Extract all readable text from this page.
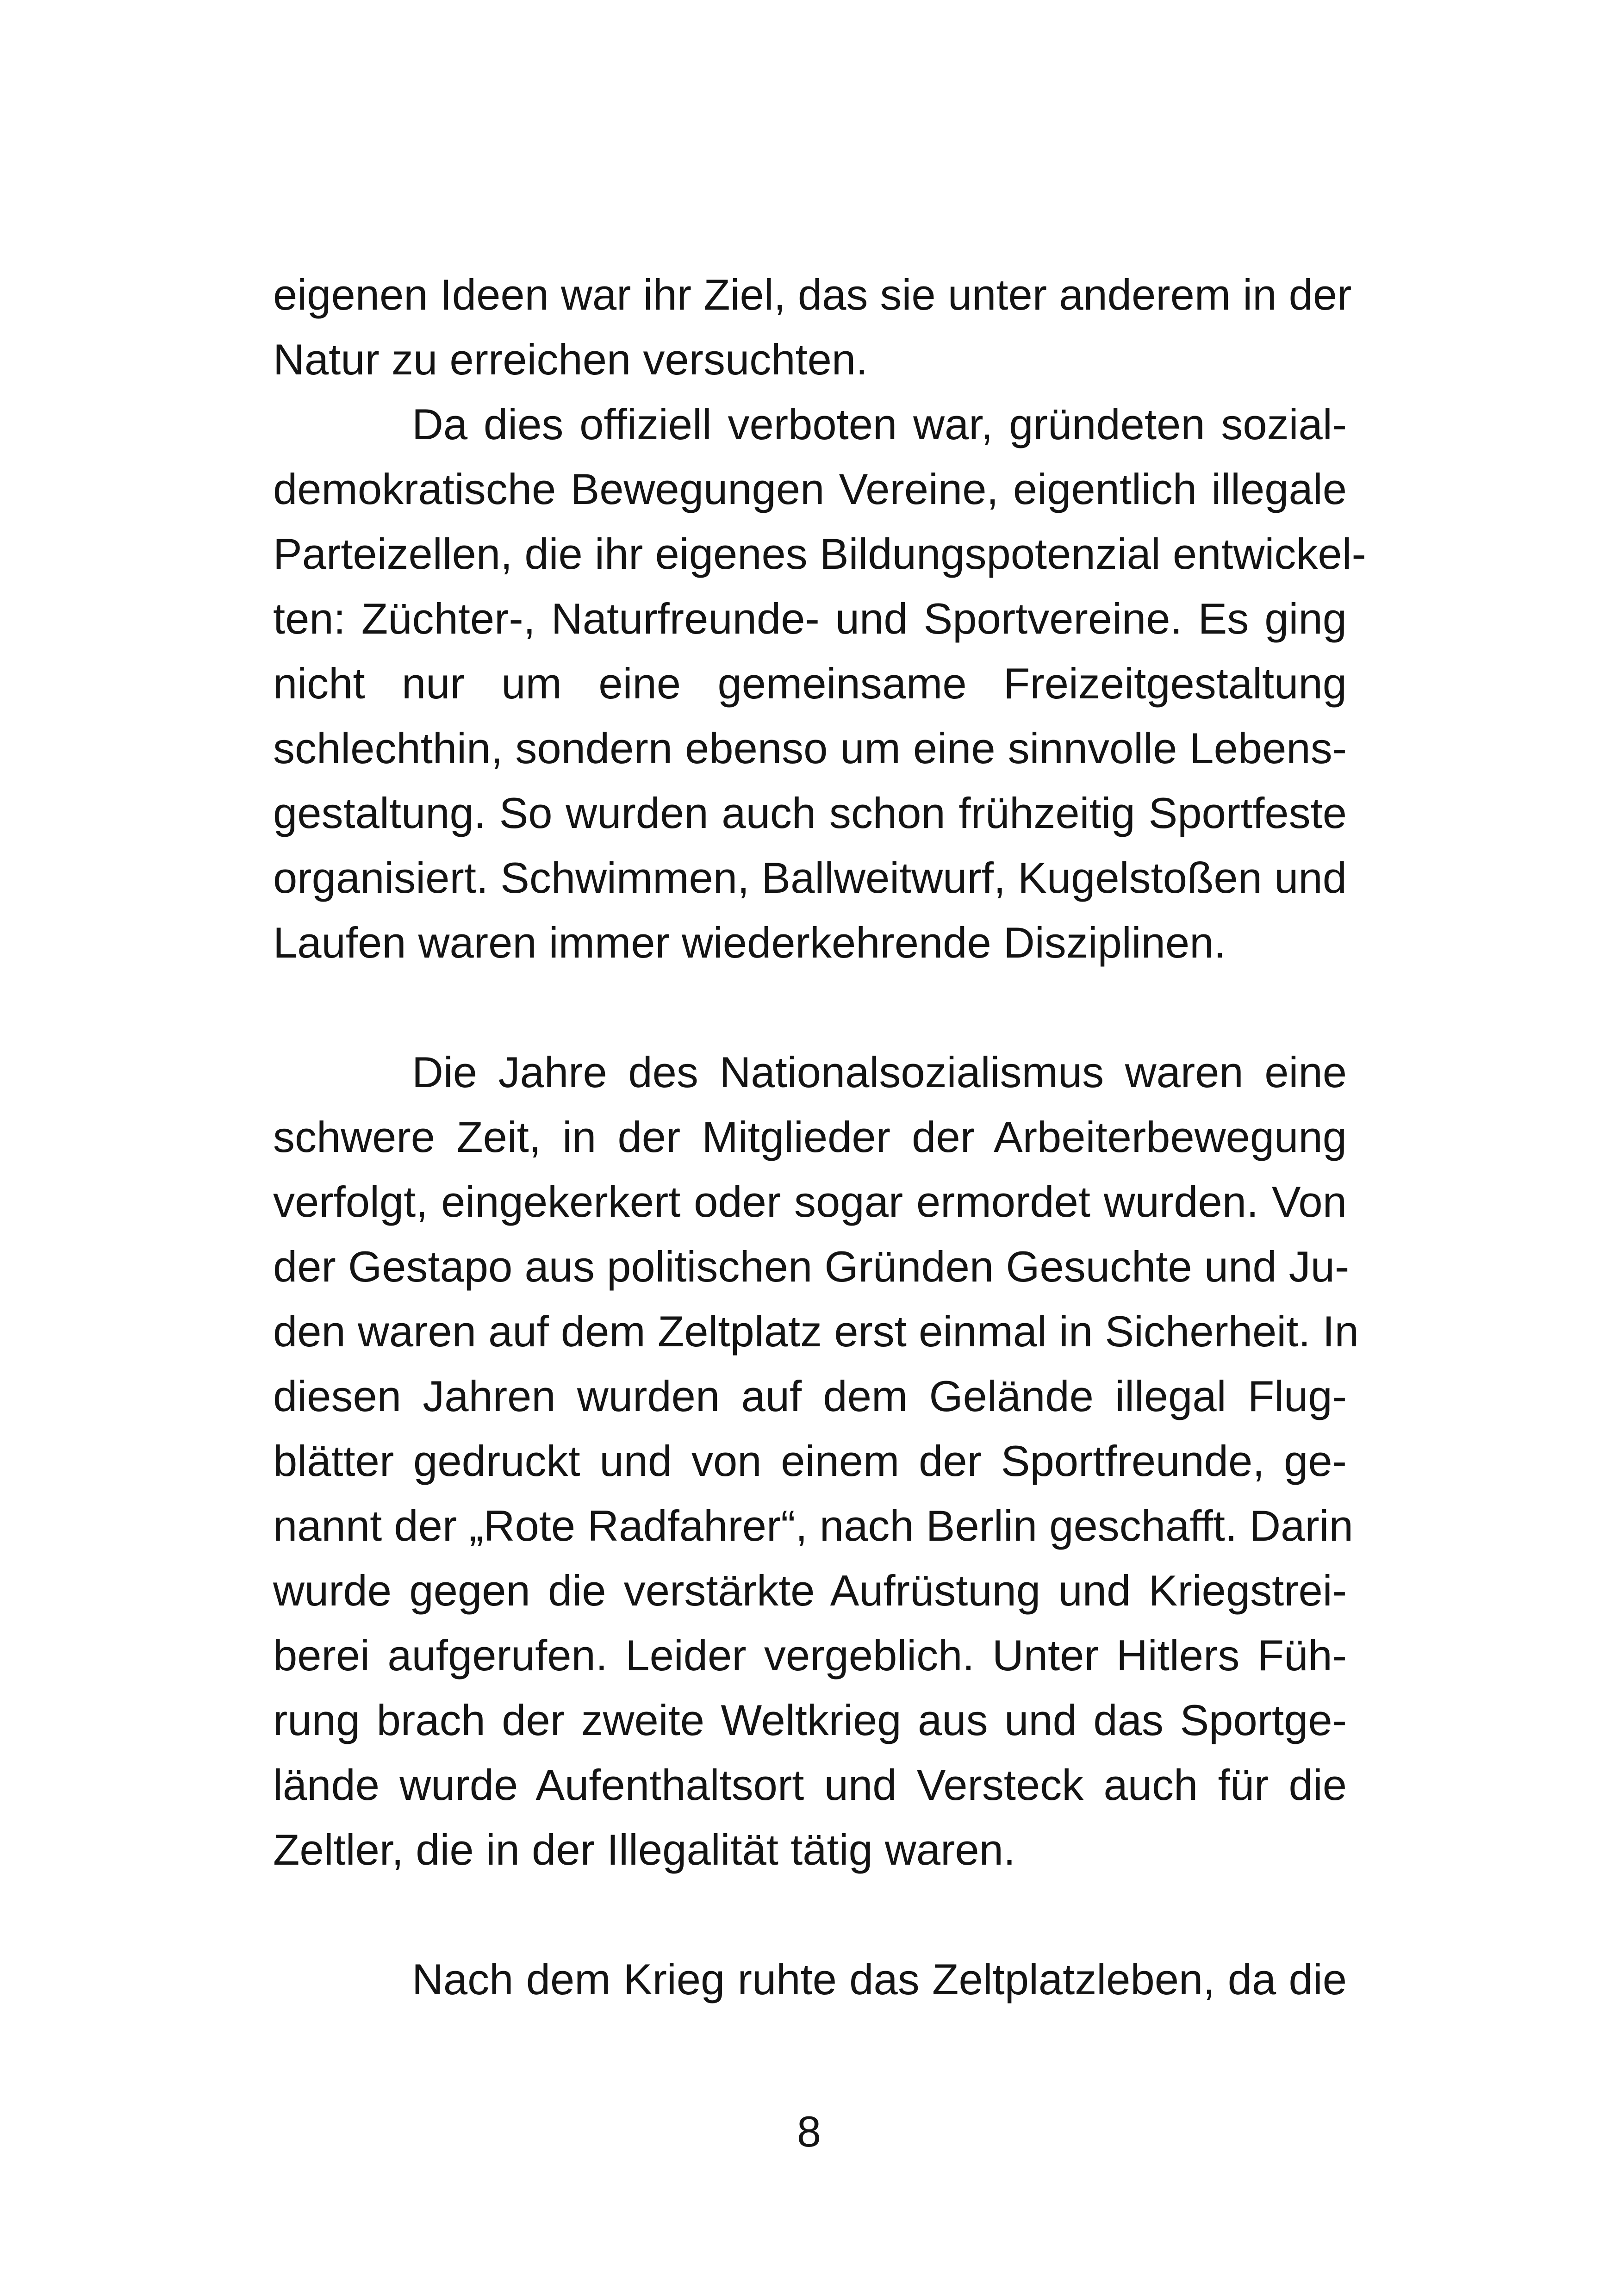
eigenen Ideen war ihr Ziel, das sie unter anderem in der
Natur zu erreichen versuchten.
Da dies offiziell verboten war, gründeten sozial-
demokratische Bewegungen Vereine, eigentlich illegale
Parteizellen, die ihr eigenes Bildungspotenzial entwickel-
ten: Züchter-, Naturfreunde- und Sportvereine. Es ging
nicht nur um eine gemeinsame Freizeitgestaltung
schlechthin, sondern ebenso um eine sinnvolle Lebens-
gestaltung. So wurden auch schon frühzeitig Sportfeste
organisiert. Schwimmen, Ballweitwurf, Kugelstoßen und
Laufen waren immer wiederkehrende Disziplinen.
Die Jahre des Nationalsozialismus waren eine
schwere Zeit, in der Mitglieder der Arbeiterbewegung
verfolgt, eingekerkert oder sogar ermordet wurden. Von
der Gestapo aus politischen Gründen Gesuchte und Ju-
den waren auf dem Zeltplatz erst einmal in Sicherheit. In
diesen Jahren wurden auf dem Gelände illegal Flug-
blätter gedruckt und von einem der Sportfreunde, ge-
nannt der „Rote Radfahrer“, nach Berlin geschafft. Darin
wurde gegen die verstärkte Aufrüstung und Kriegstrei-
berei aufgerufen. Leider vergeblich. Unter Hitlers Füh-
rung brach der zweite Weltkrieg aus und das Sportge-
lände wurde Aufenthaltsort und Versteck auch für die
Zeltler, die in der Illegalität tätig waren.
Nach dem Krieg ruhte das Zeltplatzleben, da die
8
